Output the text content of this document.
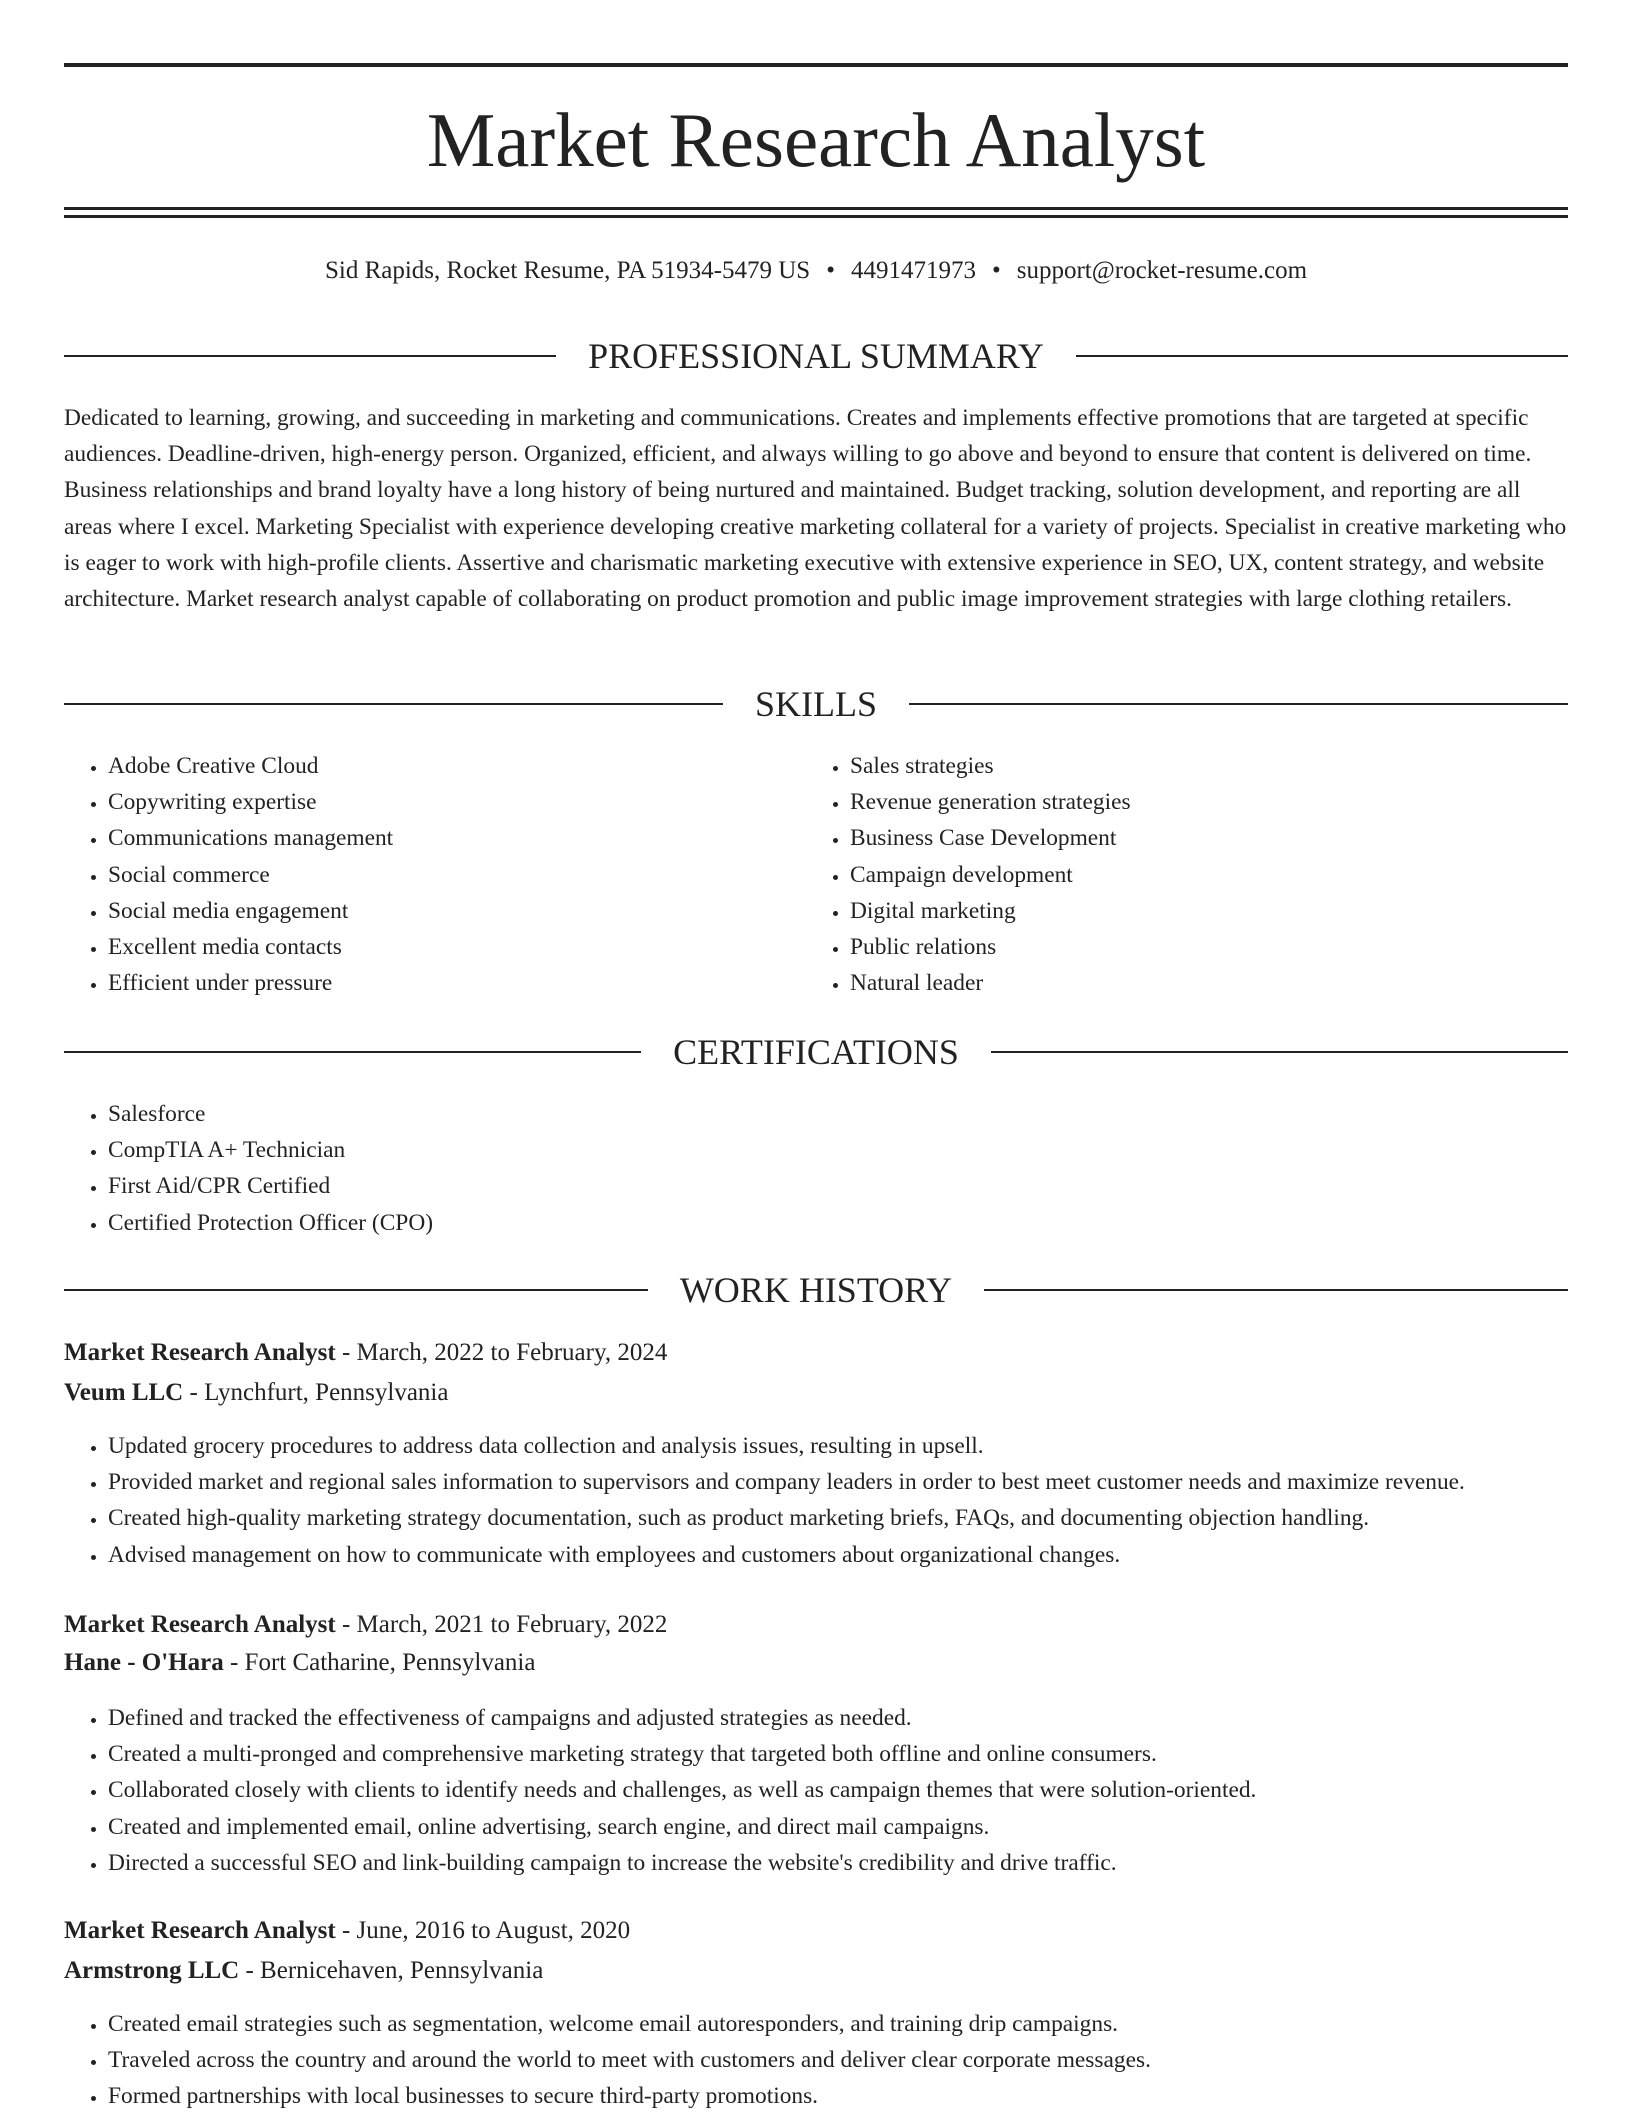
Market Research Analyst
Sid Rapids, Rocket Resume, PA 51934-5479 US • 4491471973 • support@rocket-resume.com
PROFESSIONAL SUMMARY

Dedicated to learning, growing, and succeeding in marketing and communications. Creates and implements effective promotions that are targeted at specific audiences. Deadline-driven, high-energy person. Organized, efficient, and always willing to go above and beyond to ensure that content is delivered on time. Business relationships and brand loyalty have a long history of being nurtured and maintained. Budget tracking, solution development, and reporting are all areas where I excel. Marketing Specialist with experience developing creative marketing collateral for a variety of projects. Specialist in creative marketing who is eager to work with high-profile clients. Assertive and charismatic marketing executive with extensive experience in SEO, UX, content strategy, and website architecture. Market research analyst capable of collaborating on product promotion and public image improvement strategies with large clothing retailers.

SKILLS
• Adobe Creative Cloud
• Copywriting expertise
• Communications management
• Social commerce
• Social media engagement
• Excellent media contacts
• Efficient under pressure
• Sales strategies
• Revenue generation strategies
• Business Case Development
• Campaign development
• Digital marketing
• Public relations
• Natural leader
CERTIFICATIONS
• Salesforce
• CompTIA A+ Technician
• First Aid/CPR Certified
• Certified Protection Officer (CPO)
WORK HISTORY
Market Research Analyst - March, 2022 to February, 2024
Veum LLC - Lynchfurt, Pennsylvania
• Updated grocery procedures to address data collection and analysis issues, resulting in upsell.
• Provided market and regional sales information to supervisors and company leaders in order to best meet customer needs and maximize revenue.
• Created high-quality marketing strategy documentation, such as product marketing briefs, FAQs, and documenting objection handling.
• Advised management on how to communicate with employees and customers about organizational changes.
Market Research Analyst - March, 2021 to February, 2022
Hane - O'Hara - Fort Catharine, Pennsylvania
• Defined and tracked the effectiveness of campaigns and adjusted strategies as needed.
• Created a multi-pronged and comprehensive marketing strategy that targeted both offline and online consumers.
• Collaborated closely with clients to identify needs and challenges, as well as campaign themes that were solution-oriented.
• Created and implemented email, online advertising, search engine, and direct mail campaigns.
• Directed a successful SEO and link-building campaign to increase the website's credibility and drive traffic.
Market Research Analyst - June, 2016 to August, 2020
Armstrong LLC - Bernicehaven, Pennsylvania
• Created email strategies such as segmentation, welcome email autoresponders, and training drip campaigns.
• Traveled across the country and around the world to meet with customers and deliver clear corporate messages.
• Formed partnerships with local businesses to secure third-party promotions.
